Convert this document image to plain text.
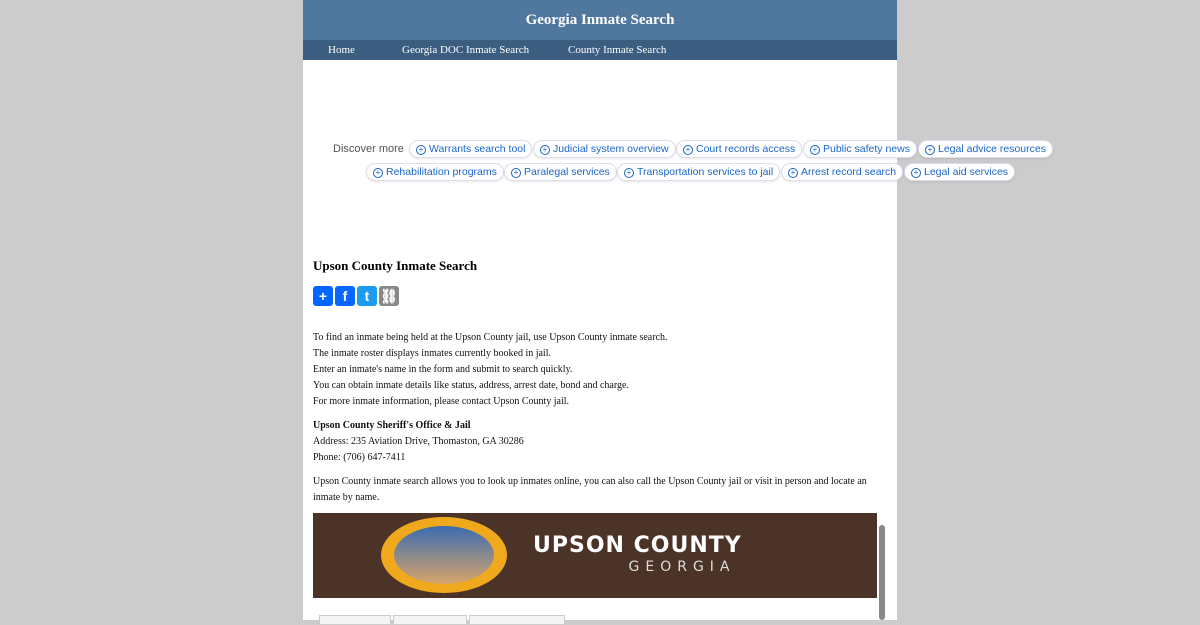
Georgia Inmate Search
Home	Georgia DOC Inmate Search	County Inmate Search
Upson County Inmate Search
+	f	t ⛓
To find an inmate being held at the Upson County jail, use Upson County inmate search.
The inmate roster displays inmates currently booked in jail.
Enter an inmate's name in the form and submit to search quickly.
You can obtain inmate details like status, address, arrest date, bond and charge.
For more inmate information, please contact Upson County jail.
Upson County Sheriff's Office & Jail
Address: 235 Aviation Drive, Thomaston, GA 30286
Phone: (706) 647-7411
Upson County inmate search allows you to look up inmates online, you can also call the Upson County jail or visit in person and locate an inmate by name.
UPSON COUNTY
GEORGIA
Discover more	+ Warrants search tool	+ Judicial system overview	+ Court records access	+ Public safety news	+ Legal advice resources
+ Rehabilitation programs	+ Paralegal services	+ Transportation services to jail	+ Arrest record search	+ Legal aid services
